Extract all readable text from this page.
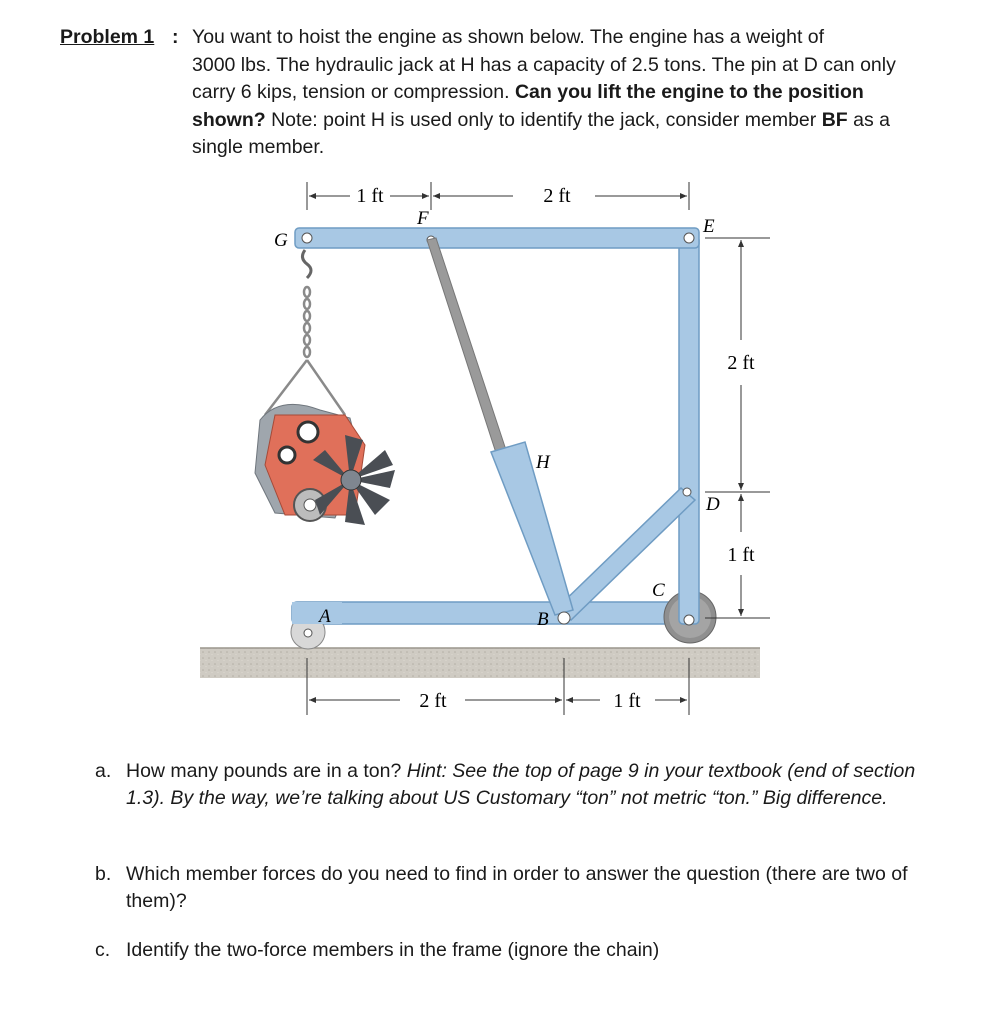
Problem 1 : You want to hoist the engine as shown below. The engine has a weight of
3000 lbs. The hydraulic jack at H has a capacity of 2.5 tons. The pin at D can only
carry 6 kips, tension or compression. Can you lift the engine to the position
shown? Note: point H is used only to identify the jack, consider member BF as a
single member.
1 ft	2 ft
2 ft
1 ft
2 ft	1 ft
G
F	E
H
D
C
B
A
a. How many pounds are in a ton? Hint: See the top of page 9 in your textbook (end of section 1.3). By the way, we’re talking about US Customary “ton” not metric “ton.” Big difference.
b. Which member forces do you need to find in order to answer the question (there are two of them)?
c. Identify the two-force members in the frame (ignore the chain)
